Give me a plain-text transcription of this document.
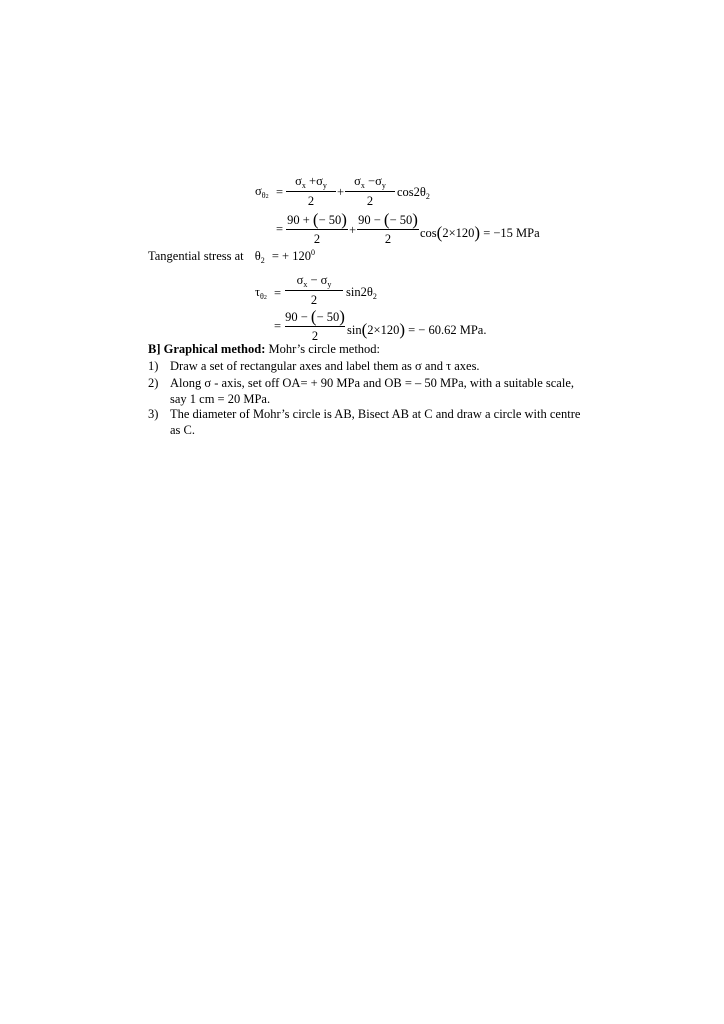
$\sigma_{\theta 2}$ =
$\sigma_x +\sigma_y$
2
+
$\sigma_x -\sigma_y$
2
$\cos 2\theta_2$
=
90 + (− 50)
2
+
90 − (− 50)
2	cos(2×120) = −15 MPa
Tangential stress at $\theta_2$ = + $120^0$
$\tau_{\theta 2}$ =
$\sigma_x - \sigma_y$
2
$\sin 2\theta_2$
=
90 − (− 50)
2	sin(2×120) = − 60.62 MPa.
B] Graphical method: Mohr’s circle method:
1) Draw a set of rectangular axes and label them as σ and τ axes.
2) Along σ - axis, set off OA= + 90 MPa and OB = – 50 MPa, with a suitable scale,
say 1 cm = 20 MPa.
3) The diameter of Mohr’s circle is AB, Bisect AB at C and draw a circle with centre
as C.
